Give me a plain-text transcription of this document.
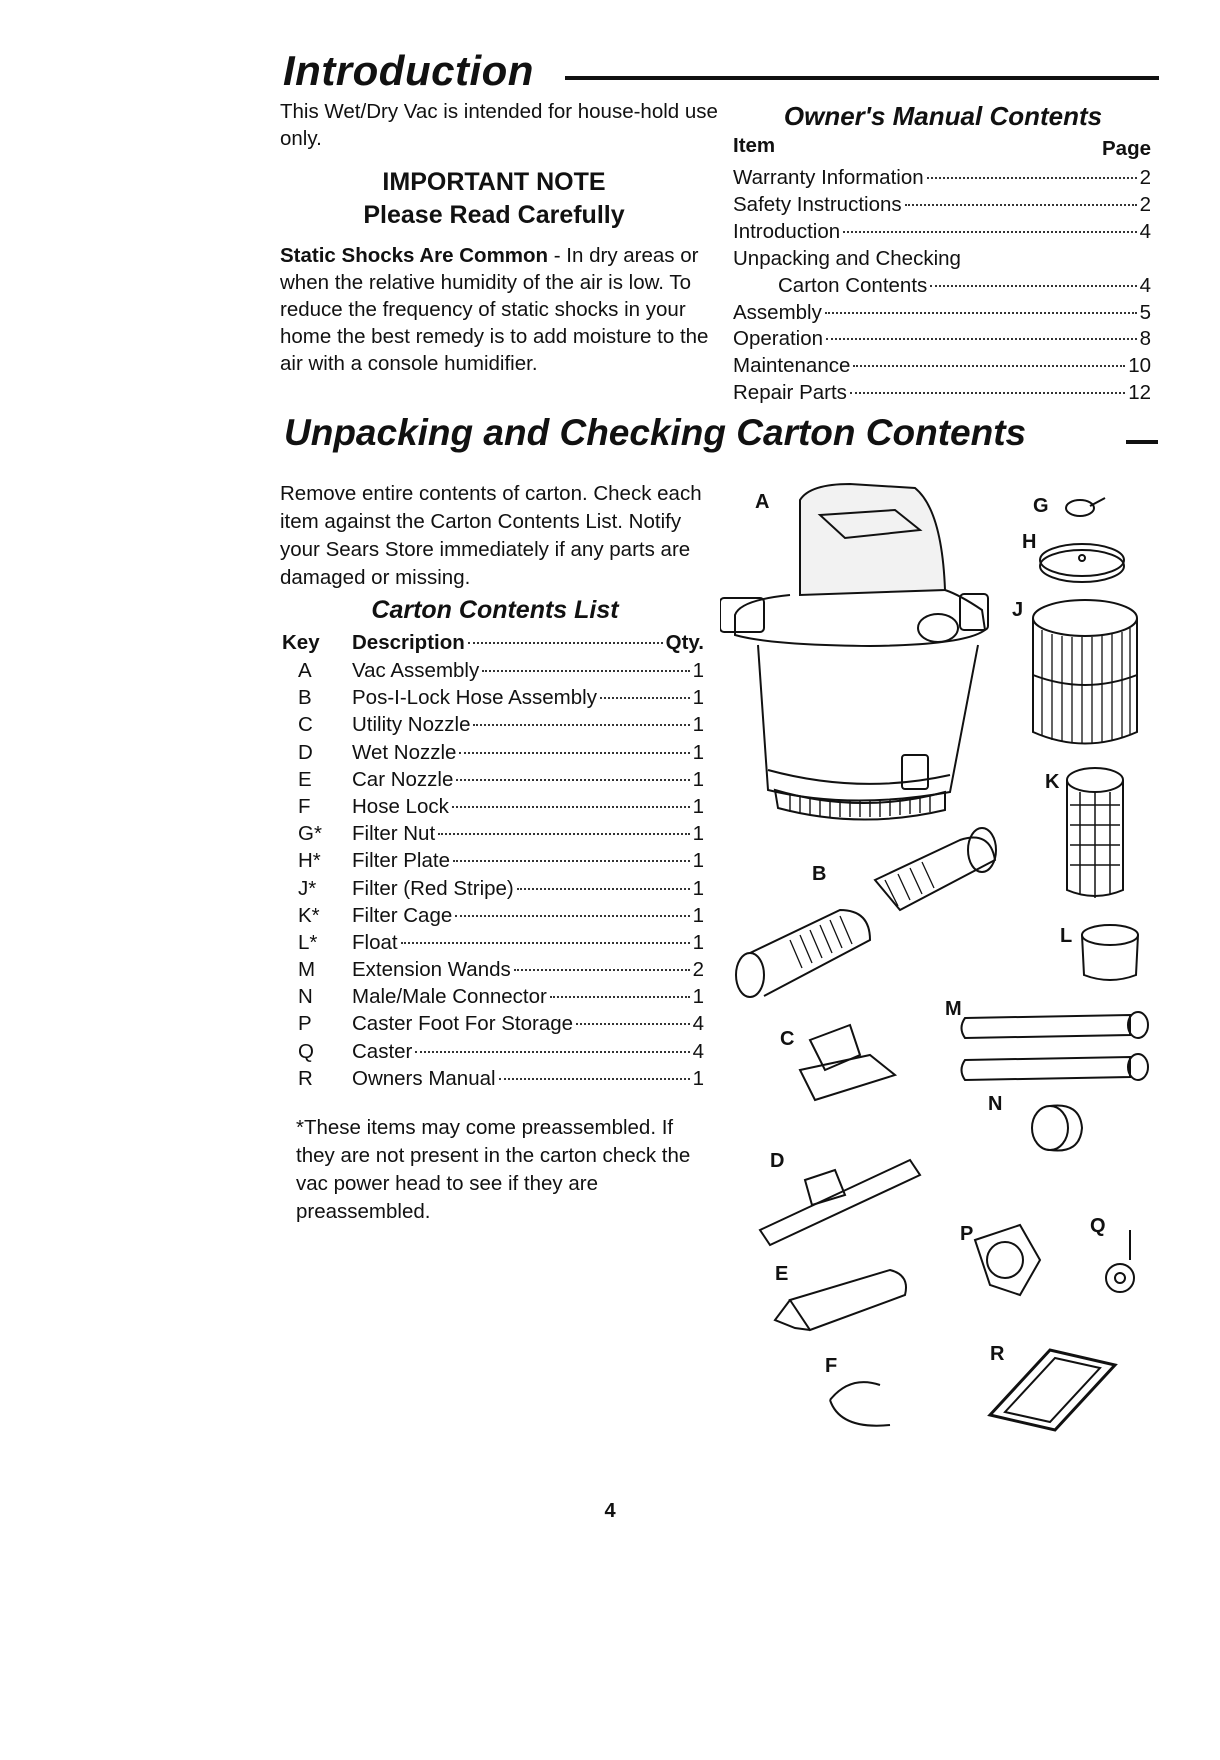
Introduction
This Wet/Dry Vac is intended for house-hold use only.
IMPORTANT NOTE
Please Read Carefully
Static Shocks Are Common - In dry areas or when the relative humidity of the air is low. To reduce the frequency of static shocks in your home the best remedy is to add moisture to the air with a console humidifier.
Owner's Manual Contents
Item	Page
Warranty Information	2
Safety Instructions	2
Introduction	4
Unpacking and Checking
Carton Contents	4
Assembly	5
Operation	8
Maintenance	10
Repair Parts	12
Unpacking and Checking Carton Contents
Remove entire contents of carton. Check each item against the Carton Contents List. Notify your Sears Store immediately if any parts are damaged or missing.
Carton Contents List
Key Description	Qty.
A	Vac Assembly	1
B	Pos-I-Lock Hose Assembly	1
C	Utility Nozzle	1
D	Wet Nozzle	1
E	Car Nozzle	1
F	Hose Lock	1
G*	Filter Nut	1
H*	Filter Plate	1
J*	Filter (Red Stripe)	1
K*	Filter Cage	1
L*	Float	1
M	Extension Wands	2
N	Male/Male Connector	1
P	Caster Foot For Storage	4
Q	Caster	4
R	Owners Manual	1
*These items may come preassembled. If they are not present in the carton check the vac power head to see if they are preassembled.
A	G
H
J
K
B
L
M
C
N
D
P	Q
E
F
R
4
